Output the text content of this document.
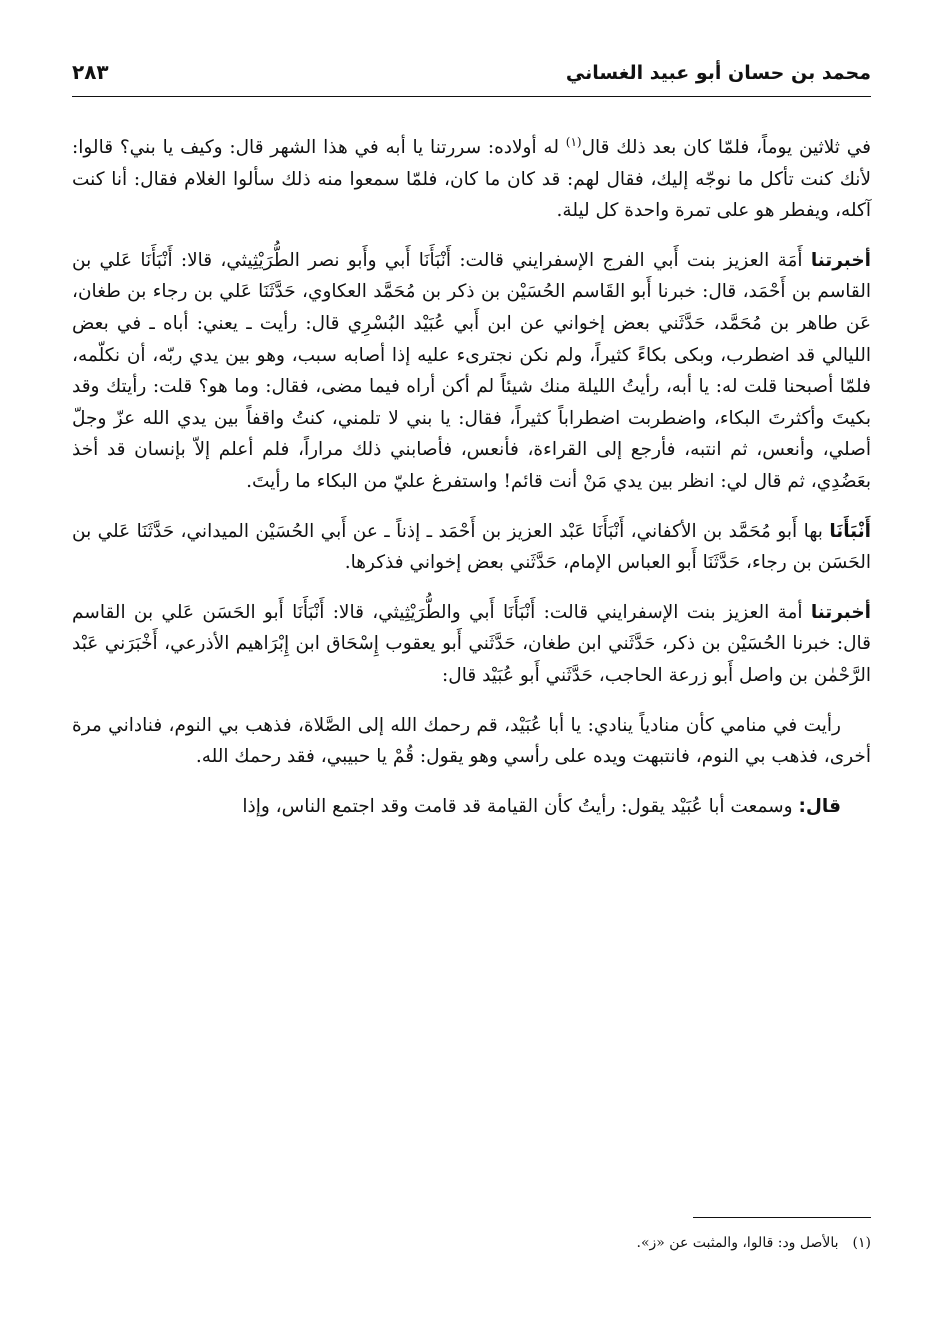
محمد بن حسان أبو عبيد الغساني
٢٨٣

في ثلاثين يوماً، فلمّا كان بعد ذلك قال$^{(١)}$ له أولاده: سررتنا يا أبه في هذا الشهر قال: وكيف يا بني؟ قالوا: لأنك كنت تأكل ما نوجّه إليك، فقال لهم: قد كان ما كان، فلمّا سمعوا منه ذلك سألوا الغلام فقال: أنا كنت آكله، ويفطر هو على تمرة واحدة كل ليلة.

أخبرتنا أَمَة العزيز بنت أَبي الفرج الإسفرايني قالت: أَنْبَأَنَا أَبي وأَبو نصر الطُّرَيْثِيثي، قالا: أَنْبَأَنَا عَلي بن القاسم بن أَحْمَد، قال: خبرنا أَبو القَاسم الحُسَيْن بن ذكر بن مُحَمَّد العكاوي، حَدَّثَنَا عَلي بن رجاء بن طغان، عَن طاهر بن مُحَمَّد، حَدَّثَني بعض إخواني عن ابن أَبي عُبَيْد البُسْرِي قال: رأيت ـ يعني: أباه ـ في بعض الليالي قد اضطرب، وبكى بكاءً كثيراً، ولم نكن نجترىء عليه إذا أصابه سبب، وهو بين يدي ربّه، أن نكلّمه، فلمّا أصبحنا قلت له: يا أبه، رأيتُ الليلة منك شيئاً لم أكن أراه فيما مضى، فقال: وما هو؟ قلت: رأيتك وقد بكيتَ وأكثرتَ البكاء، واضطربت اضطراباً كثيراً، فقال: يا بني لا تلمني، كنتُ واقفاً بين يدي الله عزّ وجلّ أصلي، وأنعس، ثم انتبه، فأرجع إلى القراءة، فأنعس، فأصابني ذلك مراراً، فلم أعلم إلاّ بإنسان قد أخذ بعَضُدِي، ثم قال لي: انظر بين يدي مَنْ أنت قائم! واستفرغ عليّ من البكاء ما رأيتَ.

أَنْبَأَنَا بها أَبو مُحَمَّد بن الأكفاني، أَنْبَأَنَا عَبْد العزيز بن أَحْمَد ـ إذناً ـ عن أَبي الحُسَيْن الميداني، حَدَّثَنَا عَلي بن الحَسَن بن رجاء، حَدَّثَنَا أَبو العباس الإمام، حَدَّثَني بعض إخواني فذكرها.

أخبرتنا أمة العزيز بنت الإسفرايني قالت: أَنْبَأَنَا أَبي والطُّرَيْثِيثي، قالا: أَنْبَأَنَا أَبو الحَسَن عَلي بن القاسم قال: خبرنا الحُسَيْن بن ذكر، حَدَّثَني ابن طغان، حَدَّثَني أَبو يعقوب إِسْحَاق ابن إِبْرَاهيم الأذرعي، أَخْبَرَني عَبْد الرَّحْمٰن بن واصل أَبو زرعة الحاجب، حَدَّثَني أَبو عُبَيْد قال:

رأيت في منامي كأن منادياً ينادي: يا أبا عُبَيْد، قم رحمك الله إلى الصَّلاة، فذهب بي النوم، فناداني مرة أخرى، فذهب بي النوم، فانتبهت ويده على رأسي وهو يقول: قُمْ يا حبيبي، فقد رحمك الله.

قال: وسمعت أبا عُبَيْد يقول: رأيتُ كأن القيامة قد قامت وقد اجتمع الناس، وإذا

(١)بالأصل ود: قالوا، والمثبت عن «ز».
